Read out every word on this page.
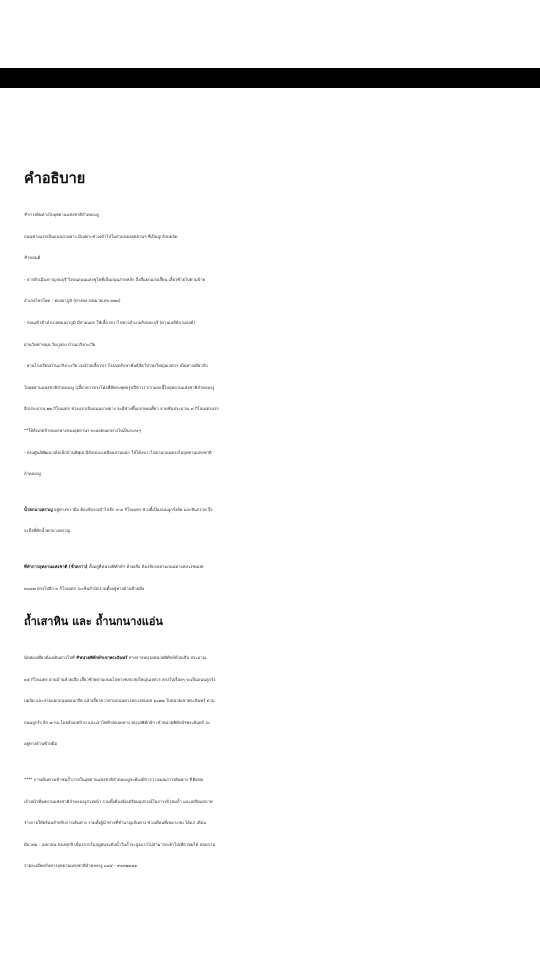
คำอธิบาย
#การเดินทางไปอุทยานแห่งชาติลำคลองงู
ถนนช่วงแรกเป็นถนนลาดยาง มีเฉพาะช่วงเข้าไปในส่วนของอุทยานฯ ที่เป็นลูกรังบดอัด
#รถยนต์
- จากตัวเมืองกาญจนบุรี วิ่งบนถนนแสงชูโตที่เป็นถนนสายหลัก ถึงสี่แยกแก่งเสี้ยน เลี้ยวซ้ายไปตามป้าย
อำเภอไทรโยค - ทองผาภูมิ (ทางหลวงหมายเลข ๓๒๓)
- ก่อนเข้าตัวอำเภอทองผาภูมิ มีสามแยก ให้เลี้ยวขวาไปทางอำเภอสังขละบุรี (ด่านเจดีย์สามองค์)
ผ่านวัดท่าขนุน วัดภูล่อง บ้านเกริงกะเวีย
- ผ่านโรงเรียนบ้านเกริงกะเวีย เจอป้ายเลี้ยวขวาไปเขตรักษาพันธุ์สัตว์ป่าทุ่งใหญ่นเรศวร เป็นทางเดียวกับ
ไปอุทยานแห่งชาติลำคลองงู (เลี้ยวขวาตรงโค้งที่มีพระพุทธรูปสีขาว) จากแยกนี้ไปอุทยานแห่งชาติลำคลองงู
อีกประมาณ ๒๒ กิโลเมตร ช่วงแรกเป็นถนนลาดยาง จะมีช่วงขึ้นเขาคดเคี้ยว ลาดชันประมาณ ๓ กิโลเมตรแรก
**ให้สังเกตป้ายบอกทางของอุทยานฯ จะคอยบอกทางไปเป็นระยะๆ
- ตรงศูนย์พัฒนาเด็กเล็กบ้านทิพุเย มีลักษณะเหมือนสามแยก ให้โค้งขวาไปตามถนนตรงไปอุทยานแห่งชาติ
ลำคลองงู
น้ำตกนางครวญ อยู่ทางขวามือ ต้องขับรถเข้าไปอีก ๓-๔ กิโลเมตร ช่วงนี้เป็นถนนลูกรังอัด และหินกรวด จึง
จะถึงที่พักน้ำตกนางครวญ
ที่ทำการอุทยานแห่งชาติ (ชั่วคราว) ตั้งอยู่ที่หน่วยพิทักษ์ฯ ห้วยเสือ ต้องขับรถตามถนนทางหลวงชนบท
๓๐๘๗ ตรงไปอีก ๓ กิโลเมตร จะเห็นสำนักงานตั้งอยู่ทางด้านซ้ายมือ
ถ้ำเสาหิน และ ถ้ำนกนางแอ่น
นักท่องเที่ยวต้องเดินทางไปที่ #หน่วยพิทักษ์ฯเขาพระอินทร์ ห่างจากหน่วยหน่วยพิทักษ์ห้วยเสือ ประมาณ
๑๕ กิโลเมตร ผ่านบ้านห้วยเสือ เลี้ยวซ้ายตามถนนไปทางชสป.ทุ่งใหญ่นเรศวร ตรงไปเรื่อยๆ จะเป็นถนนลูกรัง
บดอัด และสามแยกถนนคอนกรีต แล้วเลี้ยวขวาตามถนนทางหลวงชนบท ๖๐๗๒ ไปหน่วยเขาพระอินทร์ ตาม
ถนนลูกรัง อีก ๗ กม.โดยสังเกตป้าย และเสาไฟฟ้าตลอดทาง หน่วยพิทักษ์ฯ เข้าหน่วยพิทักษ์ฯพระอินทร์ จะ
อยู่ทางด้านซ้ายมือ
**** การเดินทางเข้าชมถ้ำภายในอุทยานแห่งชาติลำคลองงูจะต้องมีการวางแผนการเดินทาง #ติดต่อ
เจ้าหน้าที่อุทยานแห่งชาติลำคลองงูล่วงหน้า รวมทั้งต้องจัดเตรียมอุปกรณ์ในการเข้าชมถ้ำ และเตรียมสภาพ
ร่างกายให้พร้อมสำหรับการเดินทาง รวมทั้งผู้นำทางที่ชำนาญเส้นทาง ช่วงเดือนที่เหมาะสม ได้แก่ เดือน
มีนาคม - เมษายน ของทุกปี เนื่องจากในฤดูฝนระดับน้ำในถ้ำจะสูงมากไม่สามารถเข้าไปเที่ยวชมได้ สอบถาม
รายละเอียดกับทางอุทยานแห่งชาติลำคลองงู ๐๘๔ - ๙๑๓๒๓๘๑
